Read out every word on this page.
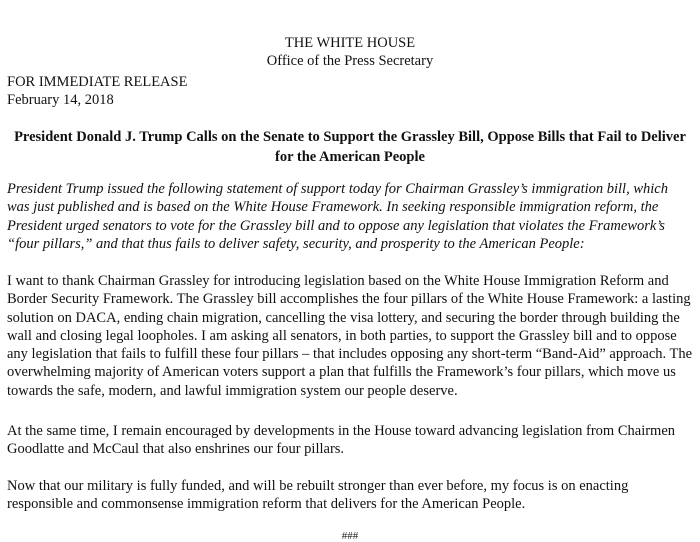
THE WHITE HOUSE
Office of the Press Secretary
FOR IMMEDIATE RELEASE
February 14, 2018
President Donald J. Trump Calls on the Senate to Support the Grassley Bill, Oppose Bills that Fail to Deliver for the American People
President Trump issued the following statement of support today for Chairman Grassley’s immigration bill, which was just published and is based on the White House Framework. In seeking responsible immigration reform, the President urged senators to vote for the Grassley bill and to oppose any legislation that violates the Framework’s “four pillars,” and that thus fails to deliver safety, security, and prosperity to the American People:
I want to thank Chairman Grassley for introducing legislation based on the White House Immigration Reform and Border Security Framework. The Grassley bill accomplishes the four pillars of the White House Framework: a lasting solution on DACA, ending chain migration, cancelling the visa lottery, and securing the border through building the wall and closing legal loopholes. I am asking all senators, in both parties, to support the Grassley bill and to oppose any legislation that fails to fulfill these four pillars – that includes opposing any short-term “Band-Aid” approach. The overwhelming majority of American voters support a plan that fulfills the Framework’s four pillars, which move us towards the safe, modern, and lawful immigration system our people deserve.
At the same time, I remain encouraged by developments in the House toward advancing legislation from Chairmen Goodlatte and McCaul that also enshrines our four pillars.
Now that our military is fully funded, and will be rebuilt stronger than ever before, my focus is on enacting responsible and commonsense immigration reform that delivers for the American People.
###
